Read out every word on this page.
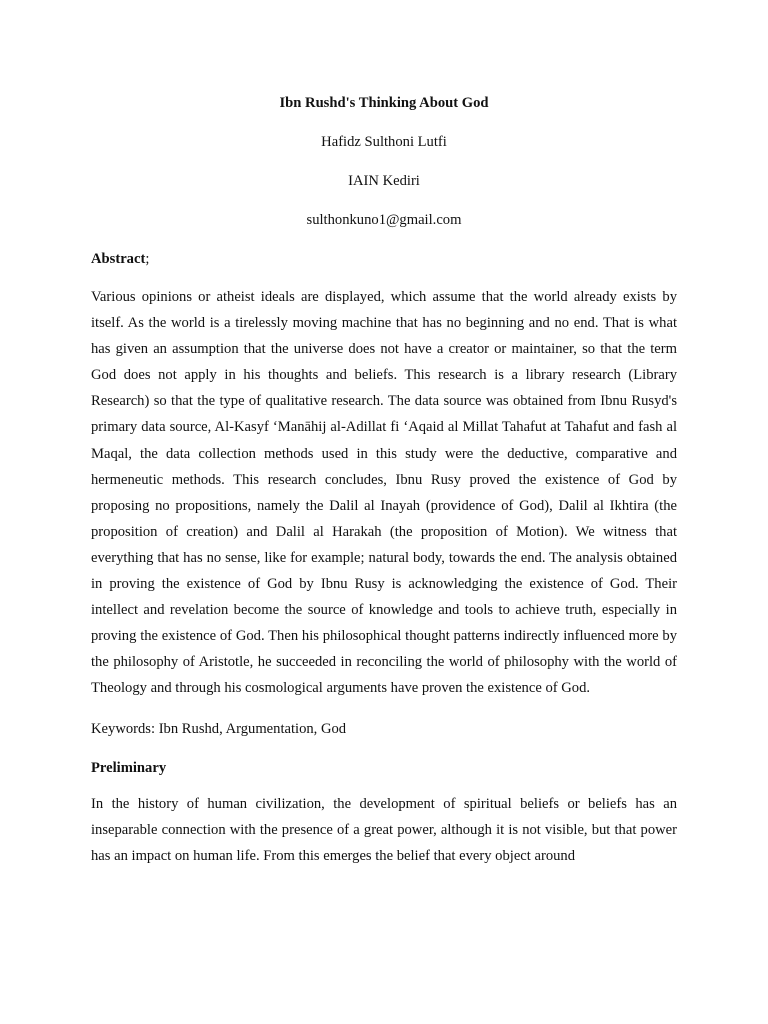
Ibn Rushd's Thinking About God

Hafidz Sulthoni Lutfi

IAIN Kediri

sulthonkuno1@gmail.com

Abstract;

Various opinions or atheist ideals are displayed, which assume that the world already exists by itself. As the world is a tirelessly moving machine that has no beginning and no end. That is what has given an assumption that the universe does not have a creator or maintainer, so that the term God does not apply in his thoughts and beliefs. This research is a library research (Library Research) so that the type of qualitative research. The data source was obtained from Ibnu Rusyd's primary data source, Al-Kasyf ‘Manāhij al-Adillat fi ‘Aqaid al Millat Tahafut at Tahafut and fash al Maqal, the data collection methods used in this study were the deductive, comparative and hermeneutic methods. This research concludes, Ibnu Rusy proved the existence of God by proposing no propositions, namely the Dalil al Inayah (providence of God), Dalil al Ikhtira (the proposition of creation) and Dalil al Harakah (the proposition of Motion). We witness that everything that has no sense, like for example; natural body, towards the end. The analysis obtained in proving the existence of God by Ibnu Rusy is acknowledging the existence of God. Their intellect and revelation become the source of knowledge and tools to achieve truth, especially in proving the existence of God. Then his philosophical thought patterns indirectly influenced more by the philosophy of Aristotle, he succeeded in reconciling the world of philosophy with the world of Theology and through his cosmological arguments have proven the existence of God.

Keywords: Ibn Rushd, Argumentation, God

Preliminary

In the history of human civilization, the development of spiritual beliefs or beliefs has an inseparable connection with the presence of a great power, although it is not visible, but that power has an impact on human life. From this emerges the belief that every object around
